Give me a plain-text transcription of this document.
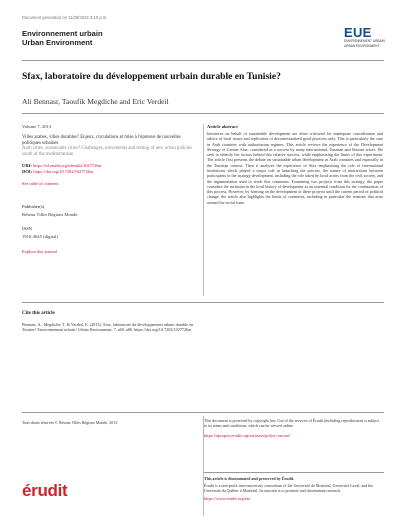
Document generated on 11/28/2022 3:10 p.m.
Environnement urbain
Urban Environment
EUE
ENVIRONNEMENT URBAIN
URBAN ENVIRONMENT
Sfax, laboratoire du développement urbain durable en Tunisie?
Ali Bennasr, Taoufik Megdiche and Eric Verdeil
Volume 7, 2013
Villes arabes, villes durables? Enjeux, circulations et mise à l'épreuve de nouvelles politiques urbaines
Arab cities, sustainable cities? Challenges, movements and testing of new urban policies south of the mediterranean
URI: https://id.erudit.org/iderudit/1027726ar
DOI: https://doi.org/10.7202/1027726ar
See table of contents
Publisher(s)
Réseau Villes Régions Monde
ISSN
1916-4645 (digital)
Explore this journal
Article abstract
Initiatives on behalf of sustainable development are often criticized for inadequate consideration and advice of local issues and replication of decontextualized good practices only. This is particularly the case in Arab countries with authoritarian regimes. This article reviews the experience of the Development Strategy of Greater Sfax, considered as a success by many international, Tunisian and Sfaxian actors. We seek to identify the factors behind this relative success, while emphasizing the limits of this experiment. The article first presents the debate on sustainable urban development in Arab countries and especially in the Tunisian context. Then it analyzes the experience of Sfax emphasizing the role of international institutions which played a major role in launching the process, the nature of interactions between participants in the strategy development, including the role taken by local actors from the civil society, and the argumentation used to reach this consensus. Examining two projects from this strategy, the paper considers the inclusion in the local history of development as an essential condition for the continuation of this process. However, by forming on the development of these projects until the current period of political change, the article also highlights the limits of consensus, including in particular the tensions that arise around the social issue.
Cite this article
Bennasr, A., Megdiche, T. & Verdeil, E. (2013). Sfax, laboratoire du développement urbain durable en Tunisie? Environnement urbain / Urban Environment, 7, a69–a86. https://doi.org/10.7202/1027726ar
Tous droits réservés © Réseau Villes Régions Monde, 2013	This document is protected by copyright law. Use of the services of Érudit (including reproduction) is subject to its terms and conditions, which can be viewed online.
https://apropos.erudit.org/en/users/policy-on-use/
érudit
This article is disseminated and preserved by Érudit.
Érudit is a non-profit inter-university consortium of the Université de Montréal, Université Laval, and the Université du Québec à Montréal. Its mission is to promote and disseminate research.
https://www.erudit.org/en/
